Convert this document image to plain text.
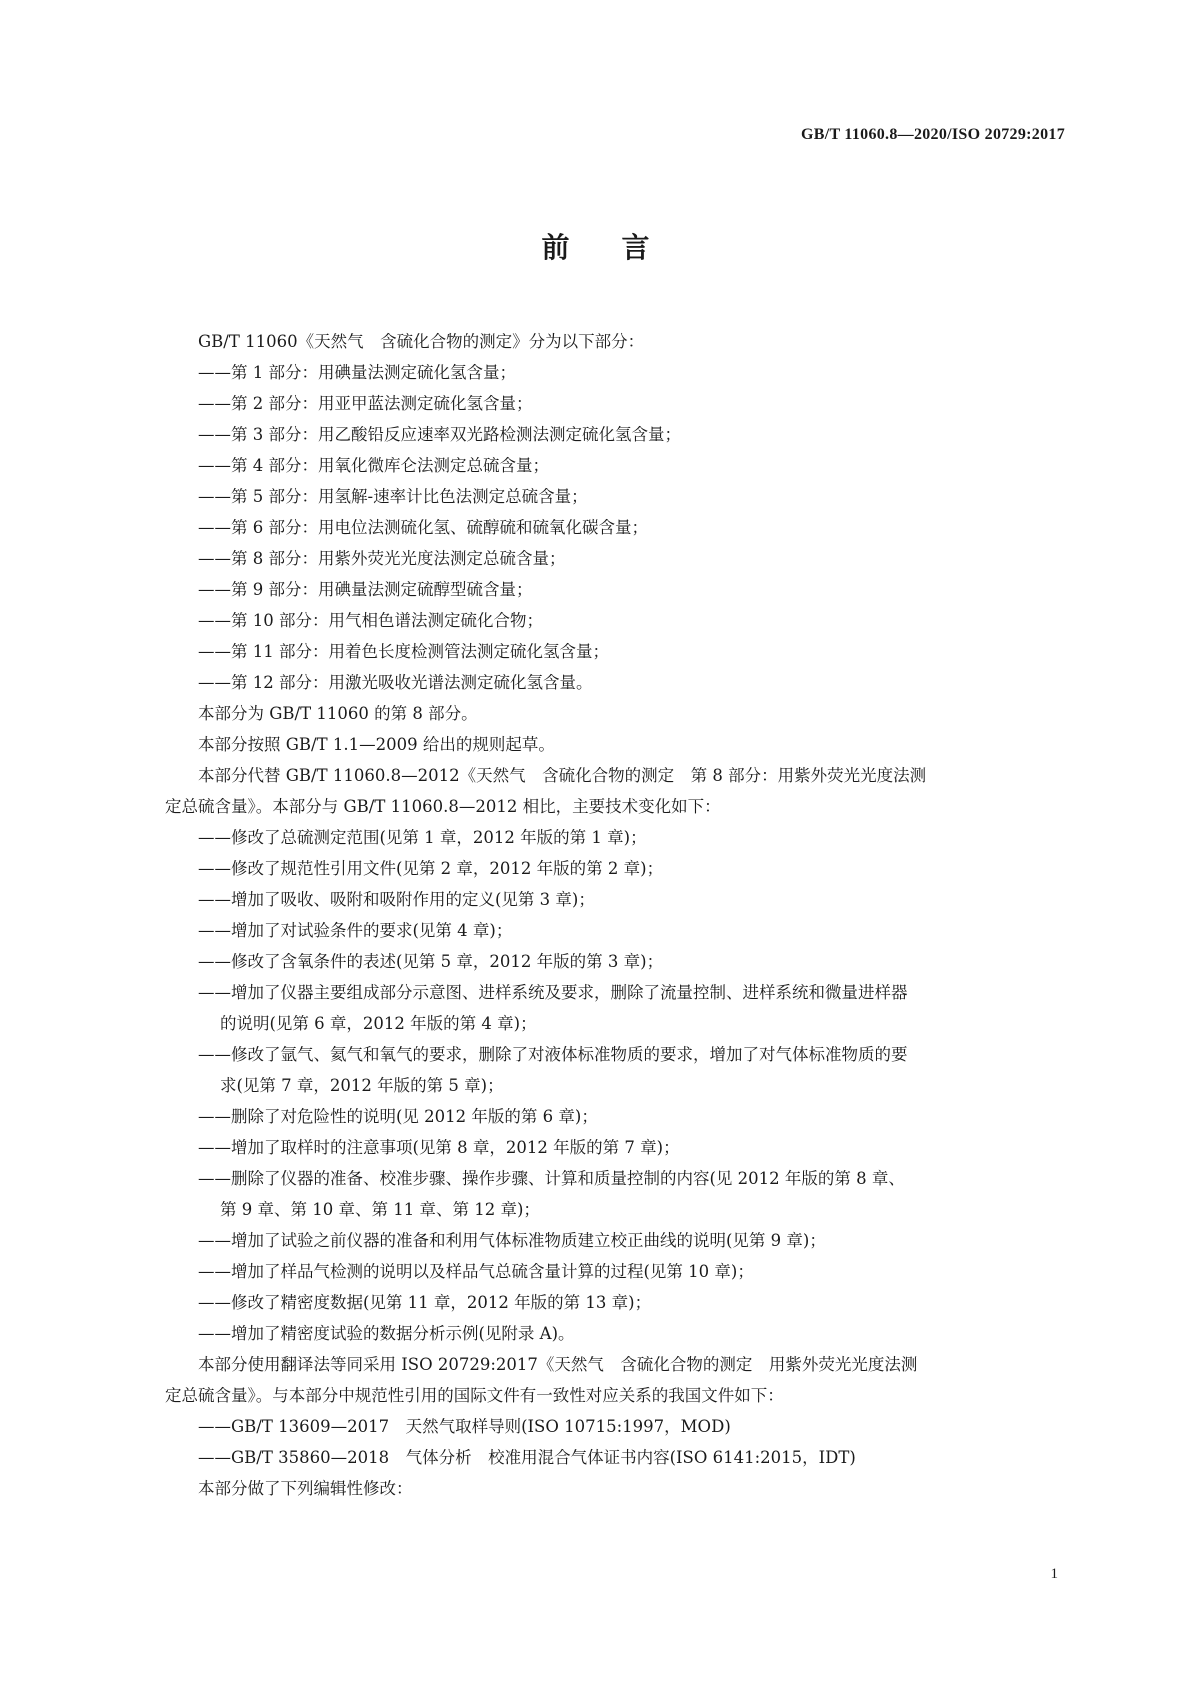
GB/T 11060.8—2020/ISO 20729:2017
前言
GB/T 11060《天然气　含硫化合物的测定》分为以下部分：
——第 1 部分：用碘量法测定硫化氢含量；
——第 2 部分：用亚甲蓝法测定硫化氢含量；
——第 3 部分：用乙酸铅反应速率双光路检测法测定硫化氢含量；
——第 4 部分：用氧化微库仑法测定总硫含量；
——第 5 部分：用氢解-速率计比色法测定总硫含量；
——第 6 部分：用电位法测硫化氢、硫醇硫和硫氧化碳含量；
——第 8 部分：用紫外荧光光度法测定总硫含量；
——第 9 部分：用碘量法测定硫醇型硫含量；
——第 10 部分：用气相色谱法测定硫化合物；
——第 11 部分：用着色长度检测管法测定硫化氢含量；
——第 12 部分：用激光吸收光谱法测定硫化氢含量。
本部分为 GB/T 11060 的第 8 部分。
本部分按照 GB/T 1.1—2009 给出的规则起草。
本部分代替 GB/T 11060.8—2012《天然气　含硫化合物的测定　第 8 部分：用紫外荧光光度法测
定总硫含量》。本部分与 GB/T 11060.8—2012 相比，主要技术变化如下：
——修改了总硫测定范围(见第 1 章，2012 年版的第 1 章)；
——修改了规范性引用文件(见第 2 章，2012 年版的第 2 章)；
——增加了吸收、吸附和吸附作用的定义(见第 3 章)；
——增加了对试验条件的要求(见第 4 章)；
——修改了含氧条件的表述(见第 5 章，2012 年版的第 3 章)；
——增加了仪器主要组成部分示意图、进样系统及要求，删除了流量控制、进样系统和微量进样器
的说明(见第 6 章，2012 年版的第 4 章)；
——修改了氩气、氦气和氧气的要求，删除了对液体标准物质的要求，增加了对气体标准物质的要
求(见第 7 章，2012 年版的第 5 章)；
——删除了对危险性的说明(见 2012 年版的第 6 章)；
——增加了取样时的注意事项(见第 8 章，2012 年版的第 7 章)；
——删除了仪器的准备、校准步骤、操作步骤、计算和质量控制的内容(见 2012 年版的第 8 章、
第 9 章、第 10 章、第 11 章、第 12 章)；
——增加了试验之前仪器的准备和利用气体标准物质建立校正曲线的说明(见第 9 章)；
——增加了样品气检测的说明以及样品气总硫含量计算的过程(见第 10 章)；
——修改了精密度数据(见第 11 章，2012 年版的第 13 章)；
——增加了精密度试验的数据分析示例(见附录 A)。
本部分使用翻译法等同采用 ISO 20729:2017《天然气　含硫化合物的测定　用紫外荧光光度法测
定总硫含量》。与本部分中规范性引用的国际文件有一致性对应关系的我国文件如下：
——GB/T 13609—2017　天然气取样导则(ISO 10715:1997，MOD)
——GB/T 35860—2018　气体分析　校准用混合气体证书内容(ISO 6141:2015，IDT)
本部分做了下列编辑性修改：
1
